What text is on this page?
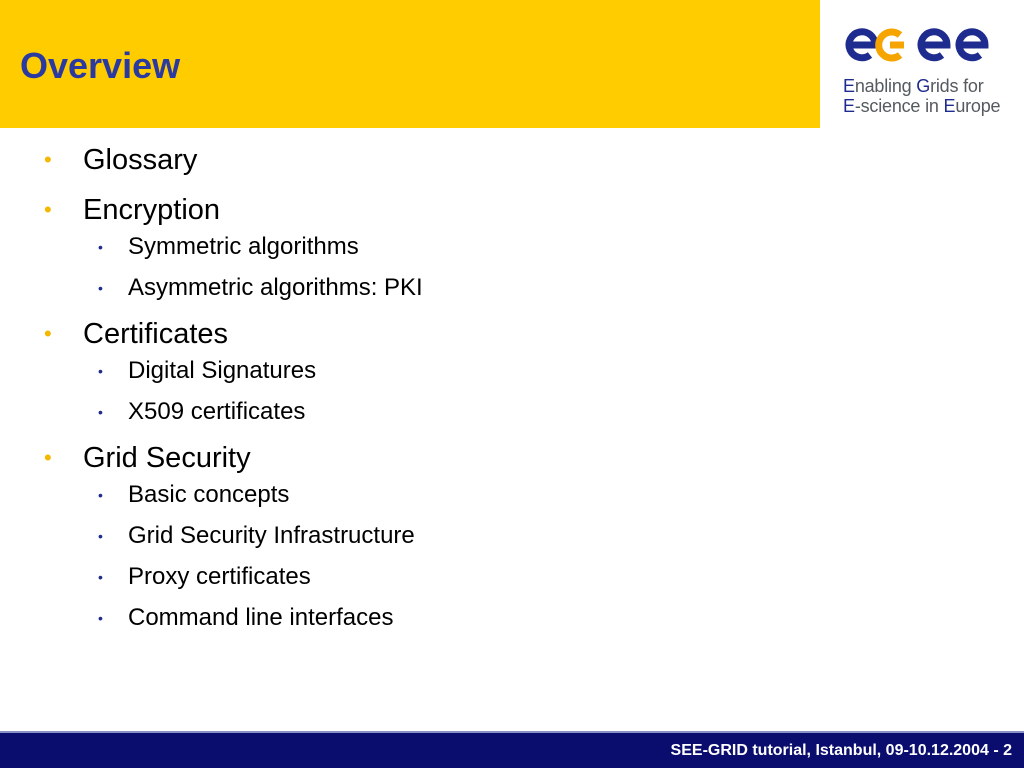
Overview	Enabling Grids for
E-science in Europe
• Glossary
• Encryption
• Symmetric algorithms
• Asymmetric algorithms: PKI
• Certificates
• Digital Signatures
• X509 certificates
• Grid Security
• Basic concepts
• Grid Security Infrastructure
• Proxy certificates
• Command line interfaces
SEE-GRID tutorial, Istanbul, 09-10.12.2004 - 2
